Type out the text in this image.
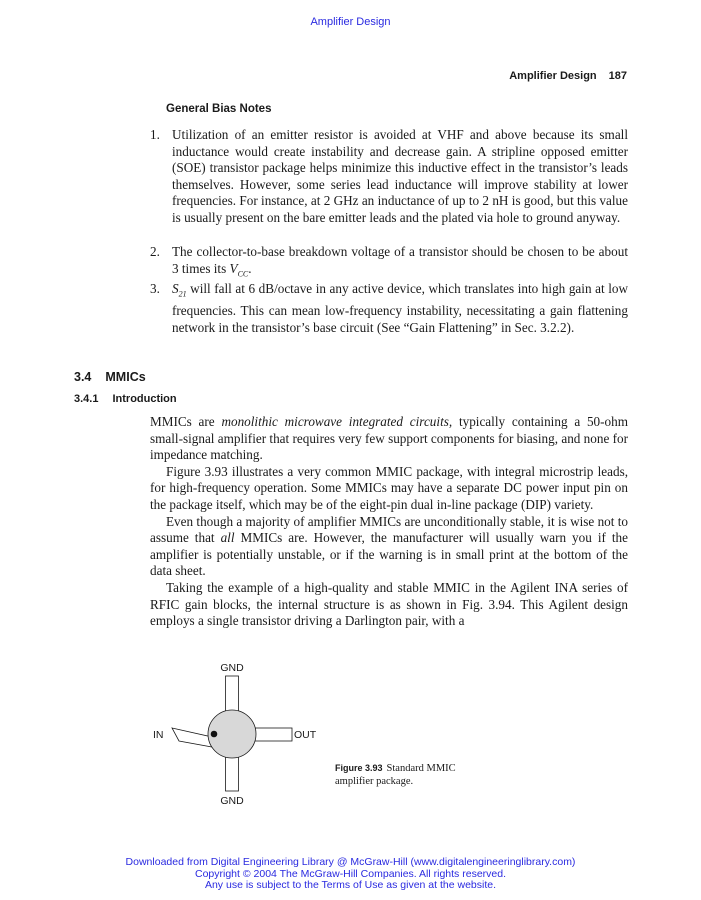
Amplifier Design
Amplifier Design 187
General Bias Notes
1. Utilization of an emitter resistor is avoided at VHF and above because its small inductance would create instability and decrease gain. A stripline opposed emitter (SOE) transistor package helps minimize this inductive effect in the transistor’s leads themselves. However, some series lead inductance will improve stability at lower frequencies. For instance, at 2 GHz an inductance of up to 2 nH is good, but this value is usually present on the bare emitter leads and the plated via hole to ground anyway.
2. The collector-to-base breakdown voltage of a transistor should be chosen to be about 3 times its $V_{CC}$.
3. $S_{21}$ will fall at 6 dB/octave in any active device, which translates into high gain at low frequencies. This can mean low-frequency instability, necessitating a gain flattening network in the transistor’s base circuit (See “Gain Flattening” in Sec. 3.2.2).
3.4 MMICs
3.4.1 Introduction

MMICs are monolithic microwave integrated circuits, typically containing a 50-ohm small-signal amplifier that requires very few support components for biasing, and none for impedance matching.

Figure 3.93 illustrates a very common MMIC package, with integral microstrip leads, for high-frequency operation. Some MMICs may have a separate DC power input pin on the package itself, which may be of the eight-pin dual in-line package (DIP) variety.

Even though a majority of amplifier MMICs are unconditionally stable, it is wise not to assume that all MMICs are. However, the manufacturer will usually warn you if the amplifier is potentially unstable, or if the warning is in small print at the bottom of the data sheet.

Taking the example of a high-quality and stable MMIC in the Agilent INA series of RFIC gain blocks, the internal structure is as shown in Fig. 3.94. This Agilent design employs a single transistor driving a Darlington pair, with a

GND
IN	OUT
GND
Figure 3.93 Standard MMIC amplifier package.
Downloaded from Digital Engineering Library @ McGraw-Hill (www.digitalengineeringlibrary.com)
Copyright © 2004 The McGraw-Hill Companies. All rights reserved.
Any use is subject to the Terms of Use as given at the website.
